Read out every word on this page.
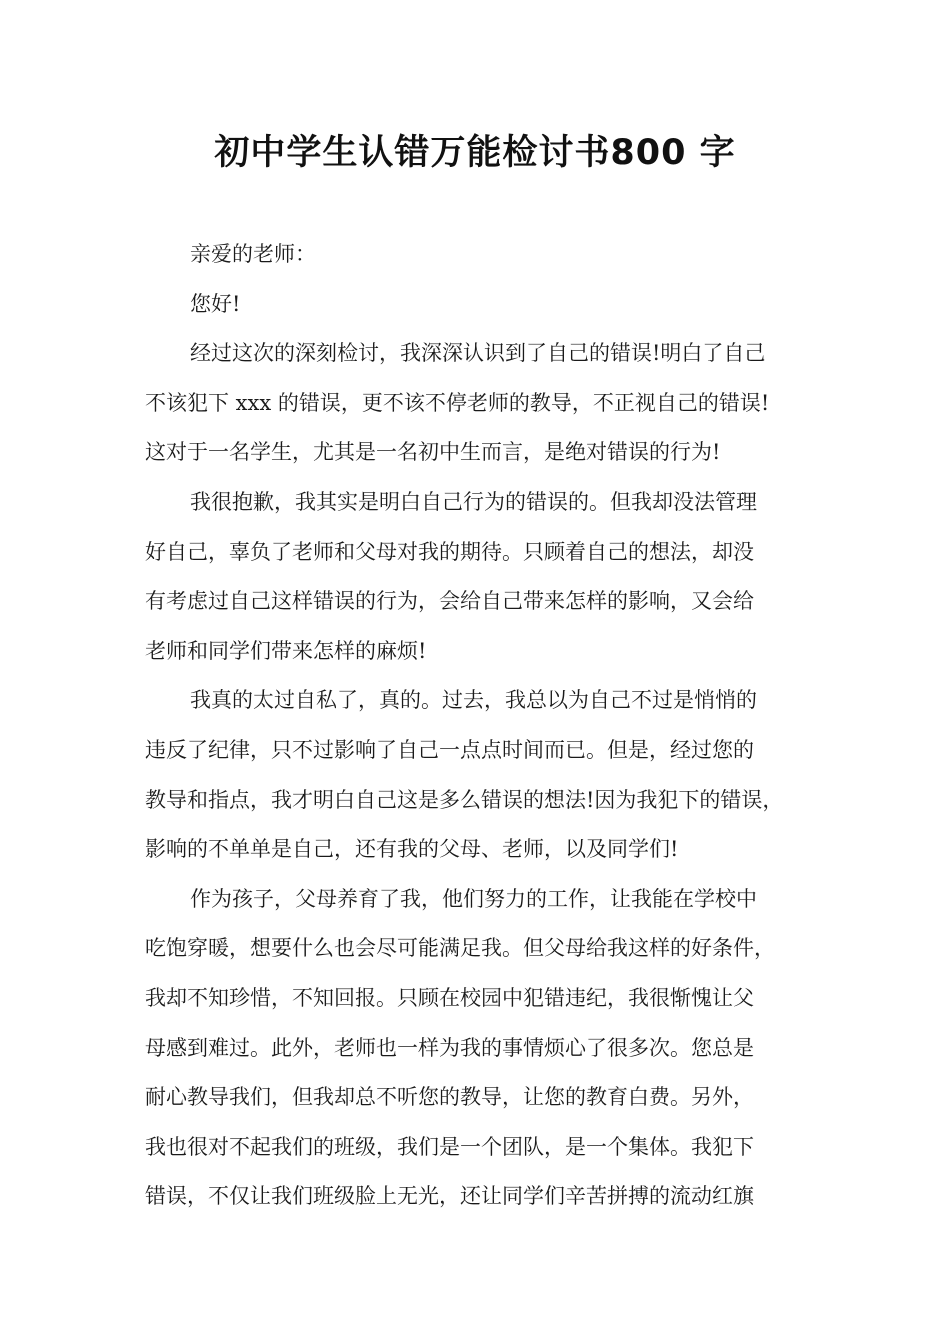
初中学生认错万能检讨书800 字
亲爱的老师：
您好!
经过这次的深刻检讨，我深深认识到了自己的错误!明白了自己
不该犯下 xxx 的错误，更不该不停老师的教导，不正视自己的错误!
这对于一名学生，尤其是一名初中生而言，是绝对错误的行为!
我很抱歉，我其实是明白自己行为的错误的。但我却没法管理
好自己，辜负了老师和父母对我的期待。只顾着自己的想法，却没
有考虑过自己这样错误的行为，会给自己带来怎样的影响，又会给
老师和同学们带来怎样的麻烦!
我真的太过自私了，真的。过去，我总以为自己不过是悄悄的
违反了纪律，只不过影响了自己一点点时间而已。但是，经过您的
教导和指点，我才明白自己这是多么错误的想法!因为我犯下的错误，
影响的不单单是自己，还有我的父母、老师，以及同学们!
作为孩子，父母养育了我，他们努力的工作，让我能在学校中
吃饱穿暖，想要什么也会尽可能满足我。但父母给我这样的好条件，
我却不知珍惜，不知回报。只顾在校园中犯错违纪，我很惭愧让父
母感到难过。此外，老师也一样为我的事情烦心了很多次。您总是
耐心教导我们，但我却总不听您的教导，让您的教育白费。另外，
我也很对不起我们的班级，我们是一个团队，是一个集体。我犯下
错误，不仅让我们班级脸上无光，还让同学们辛苦拼搏的流动红旗
